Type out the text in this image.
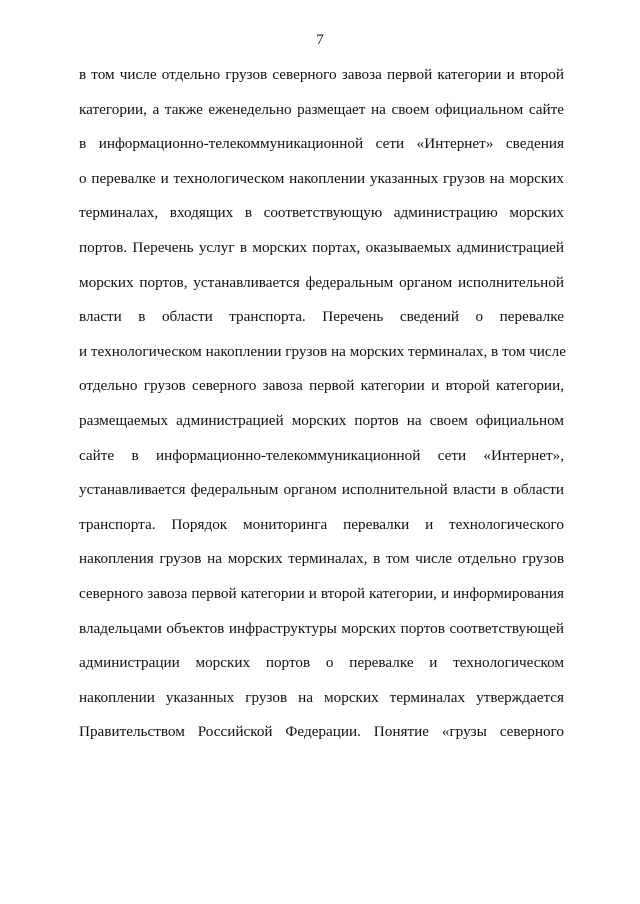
7
в том числе отдельно грузов северного завоза первой категории и второй
категории, а также еженедельно размещает на своем официальном сайте
в информационно-телекоммуникационной сети «Интернет» сведения
о перевалке и технологическом накоплении указанных грузов на морских
терминалах, входящих в соответствующую администрацию морских
портов. Перечень услуг в морских портах, оказываемых администрацией
морских портов, устанавливается федеральным органом исполнительной
власти в области транспорта. Перечень сведений о перевалке
и технологическом накоплении грузов на морских терминалах, в том числе
отдельно грузов северного завоза первой категории и второй категории,
размещаемых администрацией морских портов на своем официальном
сайте в информационно-телекоммуникационной сети «Интернет»,
устанавливается федеральным органом исполнительной власти в области
транспорта. Порядок мониторинга перевалки и технологического
накопления грузов на морских терминалах, в том числе отдельно грузов
северного завоза первой категории и второй категории, и информирования
владельцами объектов инфраструктуры морских портов соответствующей
администрации морских портов о перевалке и технологическом
накоплении указанных грузов на морских терминалах утверждается
Правительством Российской Федерации. Понятие «грузы северного
